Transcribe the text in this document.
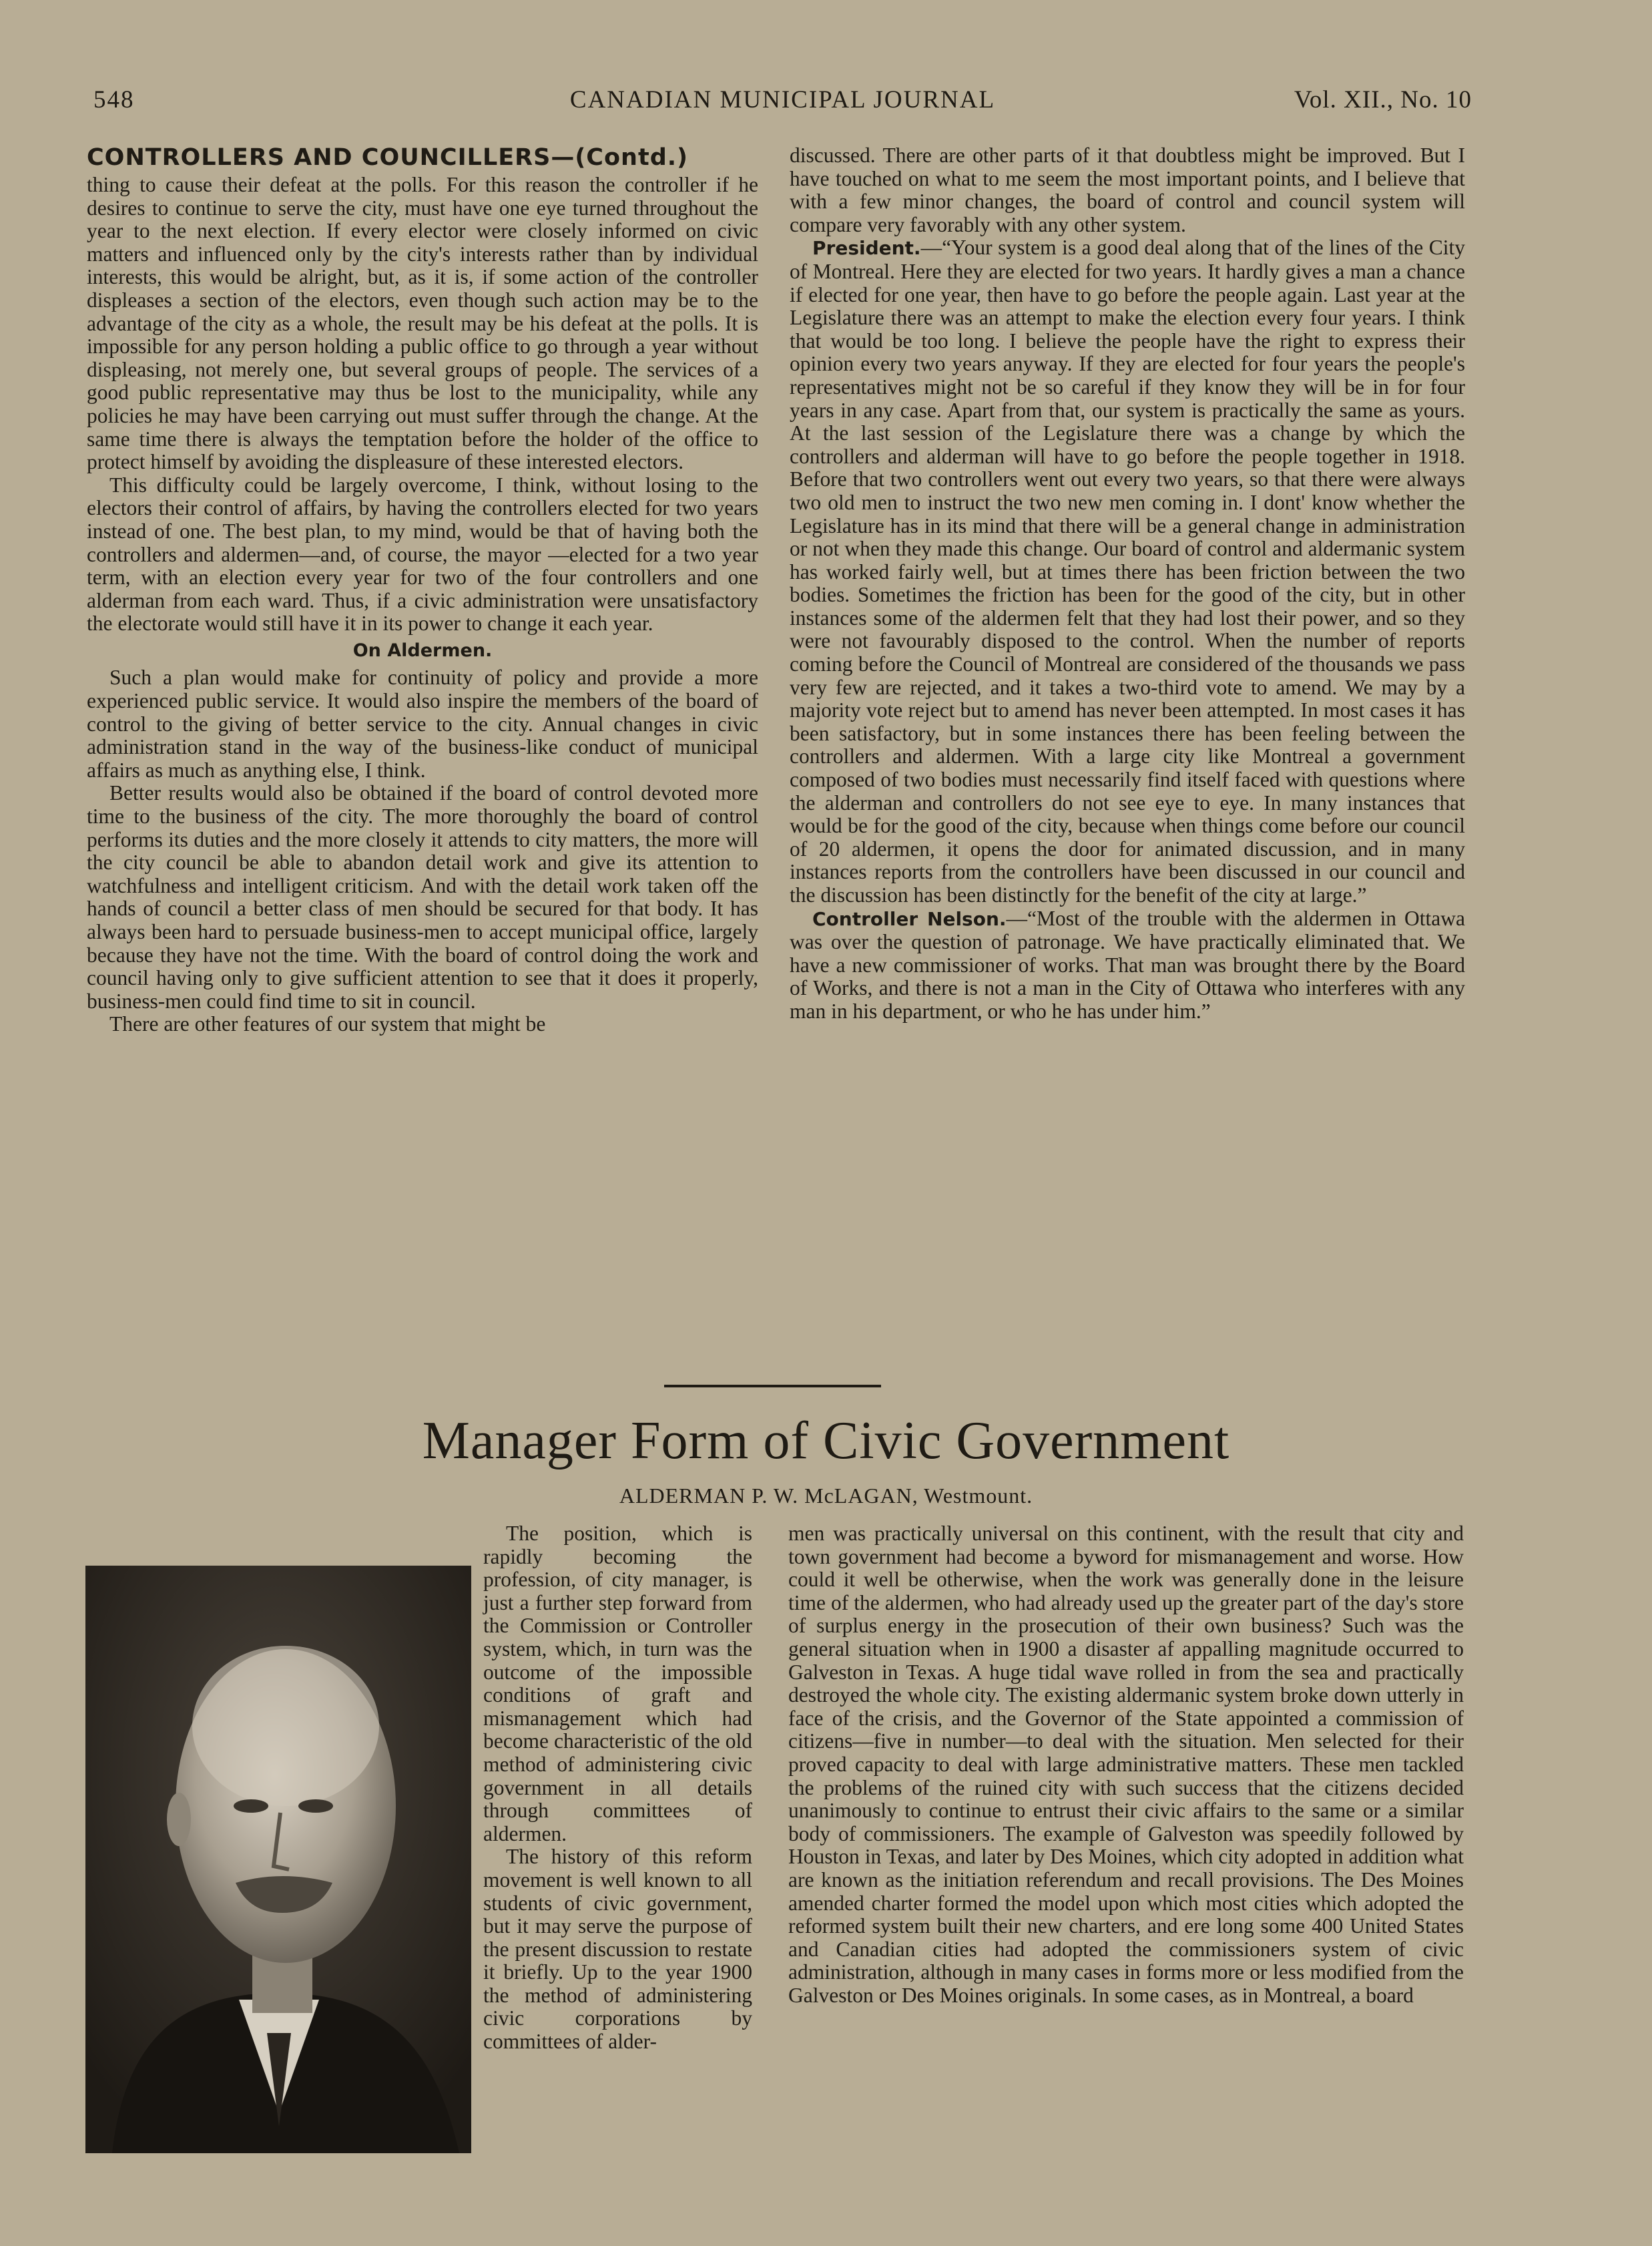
548	CANADIAN MUNICIPAL JOURNAL	Vol. XII., No. 10
CONTROLLERS AND COUNCILLERS—(Contd.)

thing to cause their defeat at the polls. For this reason the controller if he desires to continue to serve the city, must have one eye turned throughout the year to the next election. If every elector were closely informed on civic matters and influenced only by the city's interests rather than by individual interests, this would be alright, but, as it is, if some action of the controller displeases a section of the electors, even though such action may be to the advantage of the city as a whole, the result may be his defeat at the polls. It is impossible for any person holding a public office to go through a year without displeasing, not merely one, but several groups of people. The services of a good public representative may thus be lost to the municipality, while any policies he may have been carrying out must suffer through the change. At the same time there is always the temptation before the holder of the office to protect himself by avoiding the displeasure of these interested electors.

This difficulty could be largely overcome, I think, without losing to the electors their control of affairs, by having the controllers elected for two years instead of one. The best plan, to my mind, would be that of having both the controllers and aldermen—and, of course, the mayor —elected for a two year term, with an election every year for two of the four controllers and one alderman from each ward. Thus, if a civic administration were unsatisfactory the electorate would still have it in its power to change it each year.

On Aldermen.

Such a plan would make for continuity of policy and provide a more experienced public service. It would also inspire the members of the board of control to the giving of better service to the city. Annual changes in civic administration stand in the way of the business-like conduct of municipal affairs as much as anything else, I think.

Better results would also be obtained if the board of control devoted more time to the business of the city. The more thoroughly the board of control performs its duties and the more closely it attends to city matters, the more will the city council be able to abandon detail work and give its attention to watchfulness and intelligent criticism. And with the detail work taken off the hands of council a better class of men should be secured for that body. It has always been hard to persuade business-men to accept municipal office, largely because they have not the time. With the board of control doing the work and council having only to give sufficient attention to see that it does it properly, business-men could find time to sit in council.

There are other features of our system that might be

discussed. There are other parts of it that doubtless might be improved. But I have touched on what to me seem the most important points, and I believe that with a few minor changes, the board of control and council system will compare very favorably with any other system.

President.—“Your system is a good deal along that of the lines of the City of Montreal. Here they are elected for two years. It hardly gives a man a chance if elected for one year, then have to go before the people again. Last year at the Legislature there was an attempt to make the election every four years. I think that would be too long. I believe the people have the right to express their opinion every two years anyway. If they are elected for four years the people's representatives might not be so careful if they know they will be in for four years in any case. Apart from that, our system is practically the same as yours. At the last session of the Legislature there was a change by which the controllers and alderman will have to go before the people together in 1918. Before that two controllers went out every two years, so that there were always two old men to instruct the two new men coming in. I dont' know whether the Legislature has in its mind that there will be a general change in administration or not when they made this change. Our board of control and aldermanic system has worked fairly well, but at times there has been friction between the two bodies. Sometimes the friction has been for the good of the city, but in other instances some of the aldermen felt that they had lost their power, and so they were not favourably disposed to the control. When the number of reports coming before the Council of Montreal are considered of the thousands we pass very few are rejected, and it takes a two-third vote to amend. We may by a majority vote reject but to amend has never been attempted. In most cases it has been satisfactory, but in some instances there has been feeling between the controllers and aldermen. With a large city like Montreal a government composed of two bodies must necessarily find itself faced with questions where the alderman and controllers do not see eye to eye. In many instances that would be for the good of the city, because when things come before our council of 20 aldermen, it opens the door for animated discussion, and in many instances reports from the controllers have been discussed in our council and the discussion has been distinctly for the benefit of the city at large.”

Controller Nelson.—“Most of the trouble with the aldermen in Ottawa was over the question of patronage. We have practically eliminated that. We have a new commissioner of works. That man was brought there by the Board of Works, and there is not a man in the City of Ottawa who interferes with any man in his department, or who he has under him.”

Manager Form of Civic Government
ALDERMAN P. W. McLAGAN, Westmount.

The position, which is rapidly becoming the profession, of city manager, is just a further step forward from the Commission or Controller system, which, in turn was the outcome of the impossible conditions of graft and mismanagement which had become characteristic of the old method of administering civic government in all details through committees of aldermen.

The history of this reform movement is well known to all students of civic government, but it may serve the purpose of the present discussion to restate it briefly. Up to the year 1900 the method of administering civic corporations by committees of alder-

men was practically universal on this continent, with the result that city and town government had become a byword for mismanagement and worse. How could it well be otherwise, when the work was generally done in the leisure time of the aldermen, who had already used up the greater part of the day's store of surplus energy in the prosecution of their own business? Such was the general situation when in 1900 a disaster af appalling magnitude occurred to Galveston in Texas. A huge tidal wave rolled in from the sea and practically destroyed the whole city. The existing aldermanic system broke down utterly in face of the crisis, and the Governor of the State appointed a commission of citizens—five in number—to deal with the situation. Men selected for their proved capacity to deal with large administrative matters. These men tackled the problems of the ruined city with such success that the citizens decided unanimously to continue to entrust their civic affairs to the same or a similar body of commissioners. The example of Galveston was speedily followed by Houston in Texas, and later by Des Moines, which city adopted in addition what are known as the initiation referendum and recall provisions. The Des Moines amended charter formed the model upon which most cities which adopted the reformed system built their new charters, and ere long some 400 United States and Canadian cities had adopted the commissioners system of civic administration, although in many cases in forms more or less modified from the Galveston or Des Moines originals. In some cases, as in Montreal, a board
